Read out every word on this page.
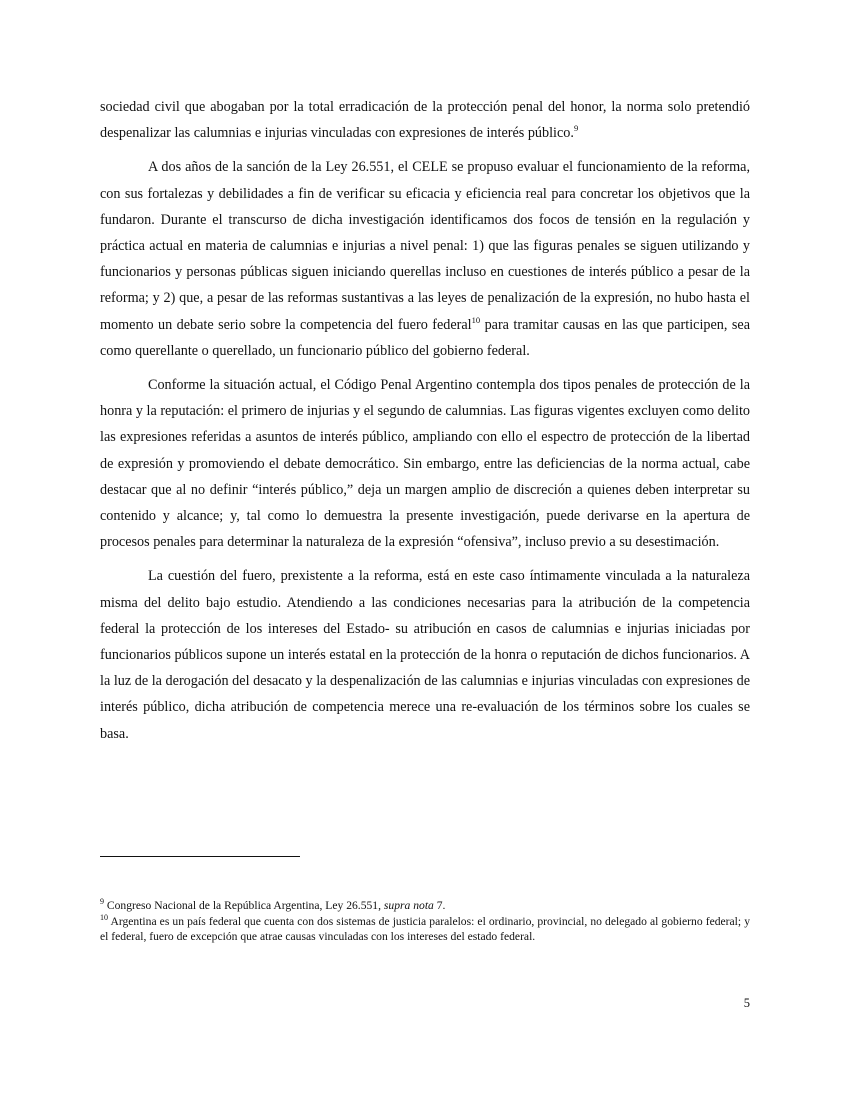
sociedad civil que abogaban por la total erradicación de la protección penal del honor, la norma solo pretendió despenalizar las calumnias e injurias vinculadas con expresiones de interés público.$^9$

A dos años de la sanción de la Ley 26.551, el CELE se propuso evaluar el funcionamiento de la reforma, con sus fortalezas y debilidades a fin de verificar su eficacia y eficiencia real para concretar los objetivos que la fundaron. Durante el transcurso de dicha investigación identificamos dos focos de tensión en la regulación y práctica actual en materia de calumnias e injurias a nivel penal: 1) que las figuras penales se siguen utilizando y funcionarios y personas públicas siguen iniciando querellas incluso en cuestiones de interés público a pesar de la reforma; y 2) que, a pesar de las reformas sustantivas a las leyes de penalización de la expresión, no hubo hasta el momento un debate serio sobre la competencia del fuero federal$^{10}$ para tramitar causas en las que participen, sea como querellante o querellado, un funcionario público del gobierno federal.

Conforme la situación actual, el Código Penal Argentino contempla dos tipos penales de protección de la honra y la reputación: el primero de injurias y el segundo de calumnias. Las figuras vigentes excluyen como delito las expresiones referidas a asuntos de interés público, ampliando con ello el espectro de protección de la libertad de expresión y promoviendo el debate democrático. Sin embargo, entre las deficiencias de la norma actual, cabe destacar que al no definir “interés público,” deja un margen amplio de discreción a quienes deben interpretar su contenido y alcance; y, tal como lo demuestra la presente investigación, puede derivarse en la apertura de procesos penales para determinar la naturaleza de la expresión “ofensiva”, incluso previo a su desestimación.

La cuestión del fuero, prexistente a la reforma, está en este caso íntimamente vinculada a la naturaleza misma del delito bajo estudio. Atendiendo a las condiciones necesarias para la atribución de la competencia federal la protección de los intereses del Estado- su atribución en casos de calumnias e injurias iniciadas por funcionarios públicos supone un interés estatal en la protección de la honra o reputación de dichos funcionarios. A la luz de la derogación del desacato y la despenalización de las calumnias e injurias vinculadas con expresiones de interés público, dicha atribución de competencia merece una re-evaluación de los términos sobre los cuales se basa.

$^9$ Congreso Nacional de la República Argentina, Ley 26.551, supra nota 7.

$^{10}$ Argentina es un país federal que cuenta con dos sistemas de justicia paralelos: el ordinario, provincial, no delegado al gobierno federal; y el federal, fuero de excepción que atrae causas vinculadas con los intereses del estado federal.

5
